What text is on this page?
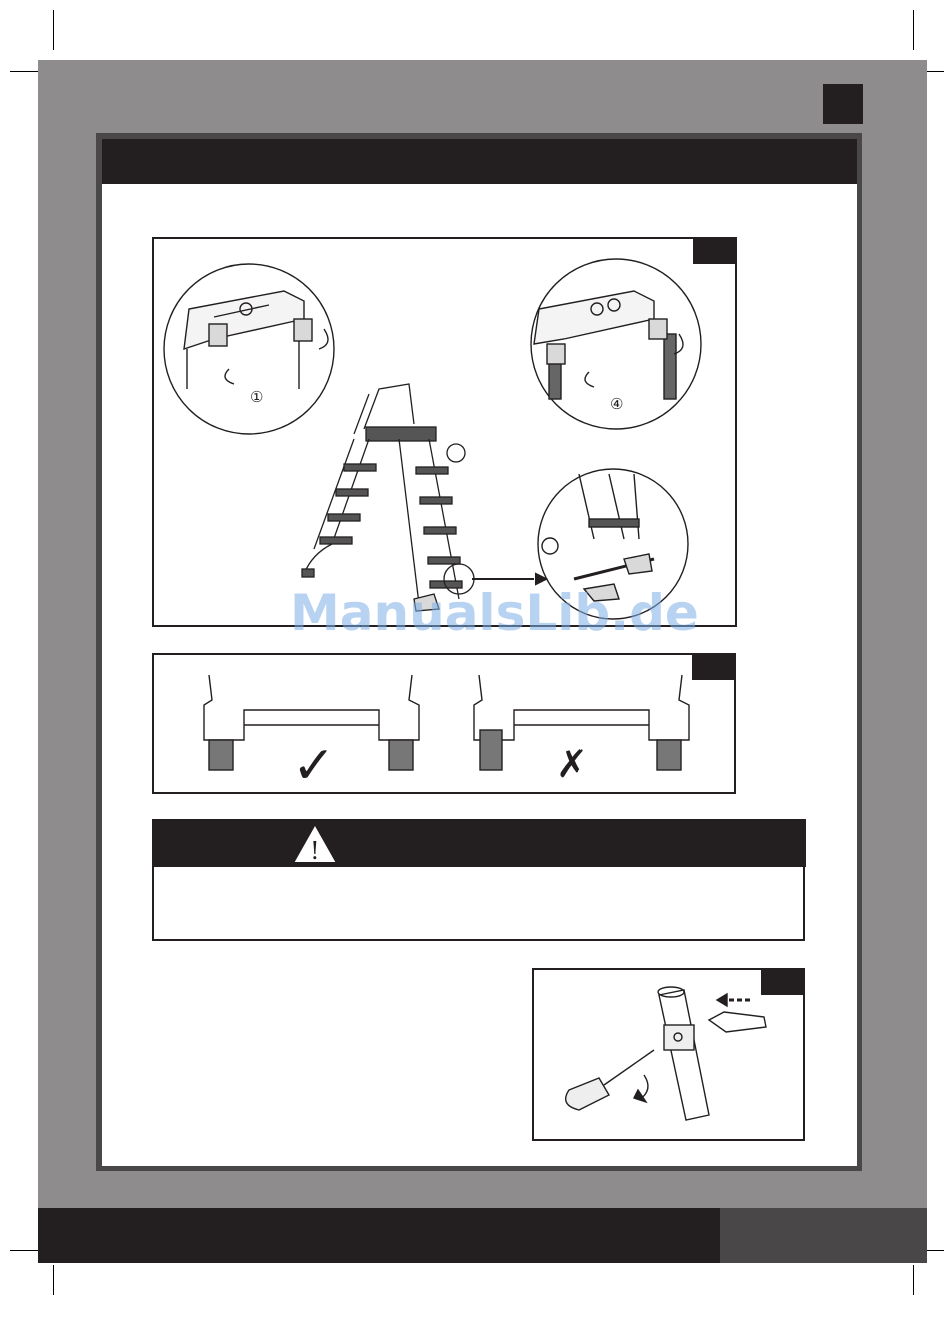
①	④
ManualsLib.de
✓	✗
!
